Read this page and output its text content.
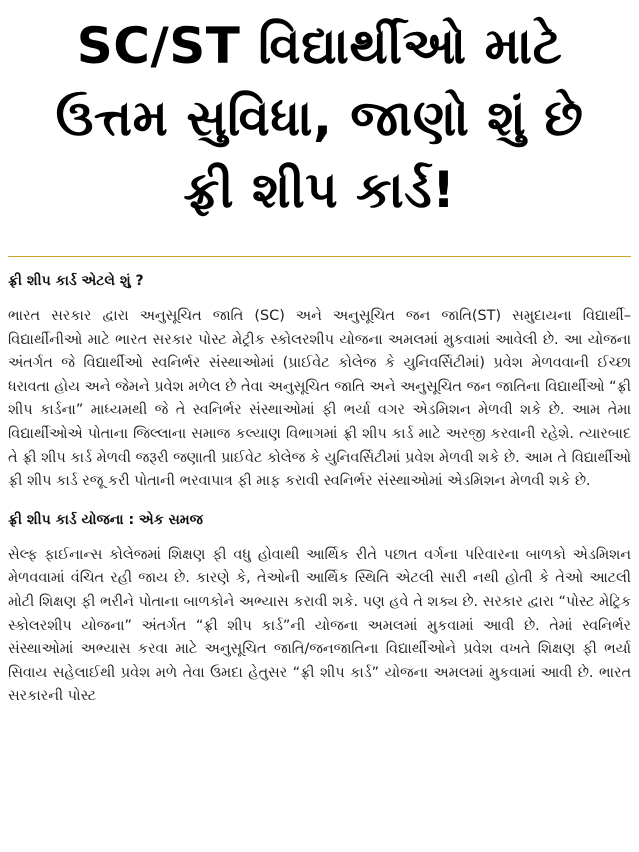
SC/ST વિદ્યાર્થીઓ માટે
ઉત્તમ સુવિધા, જાણો શું છે
ફ્રી શીપ કાર્ડ!
ફ્રી શીપ કાર્ડ એટલે શું ?

ભારત સરકાર દ્વારા અનુસૂચિત જાતિ (SC) અને અનુસૂચિત જન જાતિ(ST) સમુદાયના વિદ્યાર્થી–વિદ્યાર્થીનીઓ માટે ભારત સરકાર પોસ્ટ મેટ્રીક સ્કોલરશીપ યોજના અમલમાં મુકવામાં આવેલી છે. આ યોજના અંતર્ગત જે વિદ્યાર્થીઓ સ્વનિર્ભર સંસ્થાઓમાં (પ્રાઈવેટ કોલેજ કે યુનિવર્સિટીમાં) પ્રવેશ મેળવવાની ઈચ્છા ધરાવતા હોય અને જેમને પ્રવેશ મળેલ છે તેવા અનુસૂચિત જાતિ અને અનુસૂચિત જન જાતિના વિદ્યાર્થીઓ “ફ્રી શીપ કાર્ડના” માધ્યમથી જે તે સ્વનિર્ભર સંસ્થાઓમાં ફી ભર્યા વગર એડમિશન મેળવી શકે છે. આમ તેમા વિદ્યાર્થીઓએ પોતાના જિલ્લાના સમાજ કલ્યાણ વિભાગમાં ફ્રી શીપ કાર્ડ માટે અરજી કરવાની રહેશે. ત્યારબાદ તે ફ્રી શીપ કાર્ડ મેળવી જરૂરી જણાતી પ્રાઈવેટ કોલેજ કે યુનિવર્સિટીમાં પ્રવેશ મેળવી શકે છે. આમ તે વિદ્યાર્થીઓ ફ્રી શીપ કાર્ડ રજૂ કરી પોતાની ભરવાપાત્ર ફી માફ કરાવી સ્વનિર્ભર સંસ્થાઓમાં એડમિશન મેળવી શકે છે.

ફ્રી શીપ કાર્ડ યોજના : એક સમજ

સેલ્ફ ફાઈનાન્સ કોલેજમાં શિક્ષણ ફી વધુ હોવાથી આર્થિક રીતે પછાત વર્ગના પરિવારના બાળકો એડમિશન મેળવવામાં વંચિત રહી જાય છે. કારણે કે, તેઓની આર્થિક સ્થિતિ એટલી સારી નથી હોતી કે તેઓ આટલી મોટી શિક્ષણ ફી ભરીને પોતાના બાળકોને અભ્યાસ કરાવી શકે. પણ હવે તે શક્ય છે. સરકાર દ્વારા “પોસ્ટ મેટ્રિક સ્કોલરશીપ યોજના” અંતર્ગત “ફ્રી શીપ કાર્ડ”ની યોજના અમલમાં મુકવામાં આવી છે. તેમાં સ્વનિર્ભર સંસ્થાઓમાં અભ્યાસ કરવા માટે અનુસૂચિત જાતિ/જનજાતિના વિદ્યાર્થીઓને પ્રવેશ વખતે શિક્ષણ ફી ભર્યા સિવાય સહેલાઈથી પ્રવેશ મળે તેવા ઉમદા હેતુસર “ફ્રી શીપ કાર્ડ” યોજના અમલમાં મુકવામાં આવી છે. ભારત સરકારની પોસ્ટ
